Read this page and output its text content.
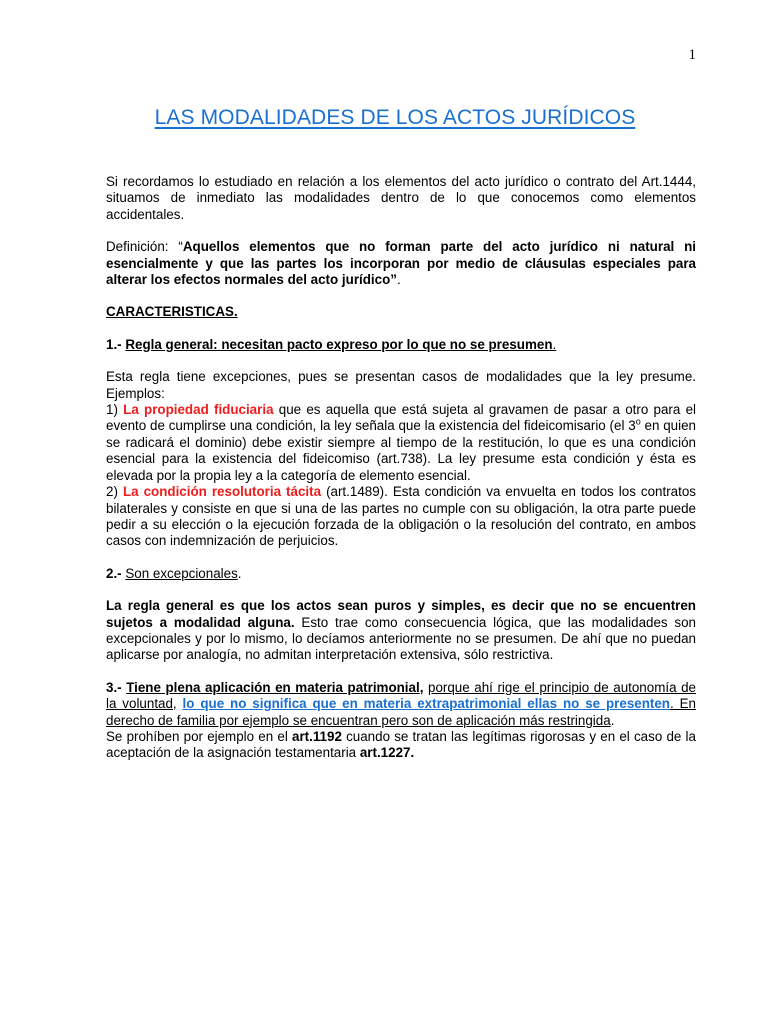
1
LAS MODALIDADES DE LOS ACTOS JURÍDICOS

Si recordamos lo estudiado en relación a los elementos del acto jurídico o contrato del Art.1444, situamos de inmediato las modalidades dentro de lo que conocemos como elementos accidentales.

Definición: “Aquellos elementos que no forman parte del acto jurídico ni natural ni esencialmente y que las partes los incorporan por medio de cláusulas especiales para alterar los efectos normales del acto jurídico”.

CARACTERISTICAS.

1.- Regla general: necesitan pacto expreso por lo que no se presumen.

Esta regla tiene excepciones, pues se presentan casos de modalidades que la ley presume. Ejemplos:
1) La propiedad fiduciaria que es aquella que está sujeta al gravamen de pasar a otro para el evento de cumplirse una condición, la ley señala que la existencia del fideicomisario (el 3$^o$ en quien se radicará el dominio) debe existir siempre al tiempo de la restitución, lo que es una condición esencial para la existencia del fideicomiso (art.738). La ley presume esta condición y ésta es elevada por la propia ley a la categoría de elemento esencial.
2) La condición resolutoria tácita (art.1489). Esta condición va envuelta en todos los contratos bilaterales y consiste en que si una de las partes no cumple con su obligación, la otra parte puede pedir a su elección o la ejecución forzada de la obligación o la resolución del contrato, en ambos casos con indemnización de perjuicios.

2.- Son excepcionales.

La regla general es que los actos sean puros y simples, es decir que no se encuentren sujetos a modalidad alguna. Esto trae como consecuencia lógica, que las modalidades son excepcionales y por lo mismo, lo decíamos anteriormente no se presumen. De ahí que no puedan aplicarse por analogía, no admitan interpretación extensiva, sólo restrictiva.

3.- Tiene plena aplicación en materia patrimonial, porque ahí rige el principio de autonomía de la voluntad, lo que no significa que en materia extrapatrimonial ellas no se presenten. En derecho de familia por ejemplo se encuentran pero son de aplicación más restringida.
Se prohíben por ejemplo en el art.1192 cuando se tratan las legítimas rigorosas y en el caso de la aceptación de la asignación testamentaria art.1227.
